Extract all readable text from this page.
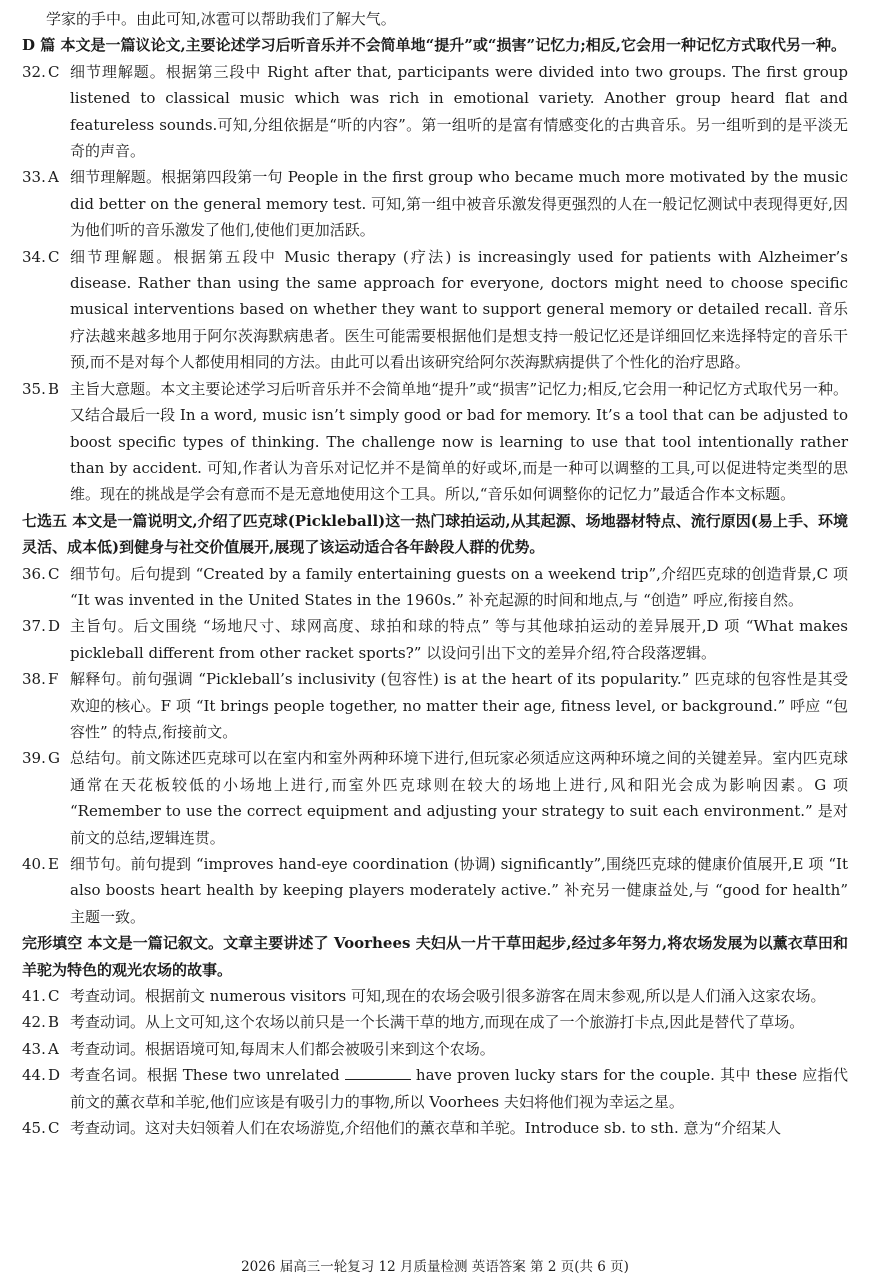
学家的手中。由此可知,冰雹可以帮助我们了解大气。

D 篇 本文是一篇议论文,主要论述学习后听音乐并不会简单地“提升”或“损害”记忆力;相反,它会用一种记忆方式取代另一种。

32. C 细节理解题。根据第三段中 Right after that, participants were divided into two groups. The first group listened to classical music which was rich in emotional variety. Another group heard flat and featureless sounds.可知,分组依据是“听的内容”。第一组听的是富有情感变化的古典音乐。另一组听到的是平淡无奇的声音。
33. A 细节理解题。根据第四段第一句 People in the first group who became much more motivated by the music did better on the general memory test. 可知,第一组中被音乐激发得更强烈的人在一般记忆测试中表现得更好,因为他们听的音乐激发了他们,使他们更加活跃。
34. C 细节理解题。根据第五段中 Music therapy (疗法) is increasingly used for patients with Alzheimer’s disease. Rather than using the same approach for everyone, doctors might need to choose specific musical interventions based on whether they want to support general memory or detailed recall. 音乐疗法越来越多地用于阿尔茨海默病患者。医生可能需要根据他们是想支持一般记忆还是详细回忆来选择特定的音乐干预,而不是对每个人都使用相同的方法。由此可以看出该研究给阿尔茨海默病提供了个性化的治疗思路。
35. B 主旨大意题。本文主要论述学习后听音乐并不会简单地“提升”或“损害”记忆力;相反,它会用一种记忆方式取代另一种。又结合最后一段 In a word, music isn’t simply good or bad for memory. It’s a tool that can be adjusted to boost specific types of thinking. The challenge now is learning to use that tool intentionally rather than by accident. 可知,作者认为音乐对记忆并不是简单的好或坏,而是一种可以调整的工具,可以促进特定类型的思维。现在的挑战是学会有意而不是无意地使用这个工具。所以,“音乐如何调整你的记忆力”最适合作本文标题。

七选五 本文是一篇说明文,介绍了匹克球(Pickleball)这一热门球拍运动,从其起源、场地器材特点、流行原因(易上手、环境灵活、成本低)到健身与社交价值展开,展现了该运动适合各年龄段人群的优势。

36. C 细节句。后句提到 “Created by a family entertaining guests on a weekend trip”,介绍匹克球的创造背景,C 项 “It was invented in the United States in the 1960s.” 补充起源的时间和地点,与 “创造” 呼应,衔接自然。
37. D 主旨句。后文围绕 “场地尺寸、球网高度、球拍和球的特点” 等与其他球拍运动的差异展开,D 项 “What makes pickleball different from other racket sports?” 以设问引出下文的差异介绍,符合段落逻辑。
38. F 解释句。前句强调 “Pickleball’s inclusivity (包容性) is at the heart of its popularity.” 匹克球的包容性是其受欢迎的核心。F 项 “It brings people together, no matter their age, fitness level, or background.” 呼应 “包容性” 的特点,衔接前文。
39. G 总结句。前文陈述匹克球可以在室内和室外两种环境下进行,但玩家必须适应这两种环境之间的关键差异。室内匹克球通常在天花板较低的小场地上进行,而室外匹克球则在较大的场地上进行,风和阳光会成为影响因素。G 项 “Remember to use the correct equipment and adjusting your strategy to suit each environment.” 是对前文的总结,逻辑连贯。
40. E 细节句。前句提到 “improves hand-eye coordination (协调) significantly”,围绕匹克球的健康价值展开,E 项 “It also boosts heart health by keeping players moderately active.” 补充另一健康益处,与 “good for health” 主题一致。

完形填空 本文是一篇记叙文。文章主要讲述了 Voorhees 夫妇从一片干草田起步,经过多年努力,将农场发展为以薰衣草田和羊驼为特色的观光农场的故事。

41. C 考查动词。根据前文 numerous visitors 可知,现在的农场会吸引很多游客在周末参观,所以是人们涌入这家农场。
42. B 考查动词。从上文可知,这个农场以前只是一个长满干草的地方,而现在成了一个旅游打卡点,因此是替代了草场。
43. A 考查动词。根据语境可知,每周末人们都会被吸引来到这个农场。
44. D 考查名词。根据 These two unrelated	have proven lucky stars for the couple. 其中 these 应指代前文的薰衣草和羊驼,他们应该是有吸引力的事物,所以 Voorhees 夫妇将他们视为幸运之星。
45. C 考查动词。这对夫妇领着人们在农场游览,介绍他们的薰衣草和羊驼。Introduce sb. to sth. 意为“介绍某人
2026 届高三一轮复习 12 月质量检测 英语答案 第 2 页(共 6 页)
